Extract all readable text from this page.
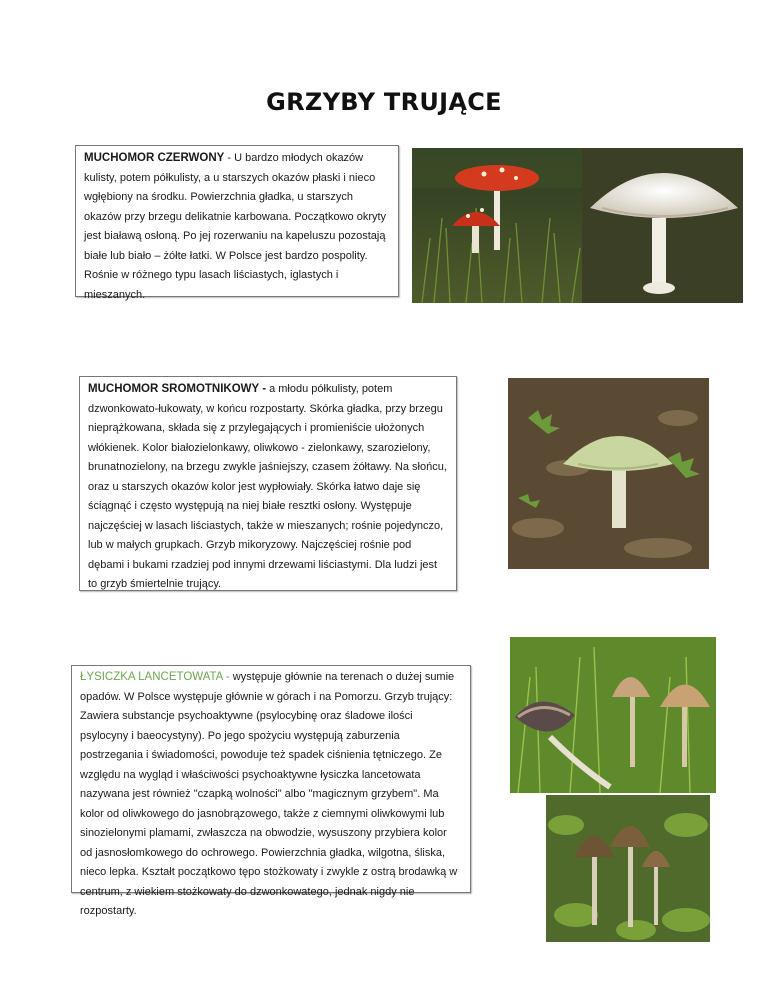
GRZYBY TRUJĄCE
MUCHOMOR CZERWONY - U bardzo młodych okazów kulisty, potem półkulisty, a u starszych okazów płaski i nieco wgłębiony na środku. Powierzchnia gładka, u starszych okazów przy brzegu delikatnie karbowana. Początkowo okryty jest białawą osłoną. Po jej rozerwaniu na kapeluszu pozostają białe lub biało – żółte łatki. W Polsce jest bardzo pospolity. Rośnie w różnego typu lasach liściastych, iglastych i mieszanych.
MUCHOMOR SROMOTNIKOWY - a młodu półkulisty, potem dzwonkowato-łukowaty, w końcu rozpostarty. Skórka gładka, przy brzegu nieprążkowana, składa się z przylegających i promieniście ułożonych włókienek. Kolor białozielonkawy, oliwkowo - zielonkawy, szarozielony, brunatnozielony, na brzegu zwykle jaśniejszy, czasem żółtawy. Na słońcu, oraz u starszych okazów kolor jest wypłowiały. Skórka łatwo daje się ściągnąć i często występują na niej białe resztki osłony. Występuje najczęściej w lasach liściastych, także w mieszanych; rośnie pojedynczo, lub w małych grupkach. Grzyb mikoryzowy. Najczęściej rośnie pod dębami i bukami rzadziej pod innymi drzewami liściastymi. Dla ludzi jest to grzyb śmiertelnie trujący.
ŁYSICZKA LANCETOWATA - występuje głównie na terenach o dużej sumie opadów. W Polsce występuje głównie w górach i na Pomorzu. Grzyb trujący: Zawiera substancje psychoaktywne (psylocybinę oraz śladowe ilości psylocyny i baeocystyny). Po jego spożyciu występują zaburzenia postrzegania i świadomości, powoduje też spadek ciśnienia tętniczego. Ze względu na wygląd i właściwości psychoaktywne łysiczka lancetowata nazywana jest również "czapką wolności" albo "magicznym grzybem". Ma kolor od oliwkowego do jasnobrązowego, także z ciemnymi oliwkowymi lub sinozielonymi plamami, zwłaszcza na obwodzie, wysuszony przybiera kolor od jasnosłomkowego do ochrowego. Powierzchnia gładka, wilgotna, śliska, nieco lepka. Kształt początkowo tępo stożkowaty i zwykle z ostrą brodawką w centrum, z wiekiem stożkowaty do dzwonkowatego, jednak nigdy nie rozpostarty.
